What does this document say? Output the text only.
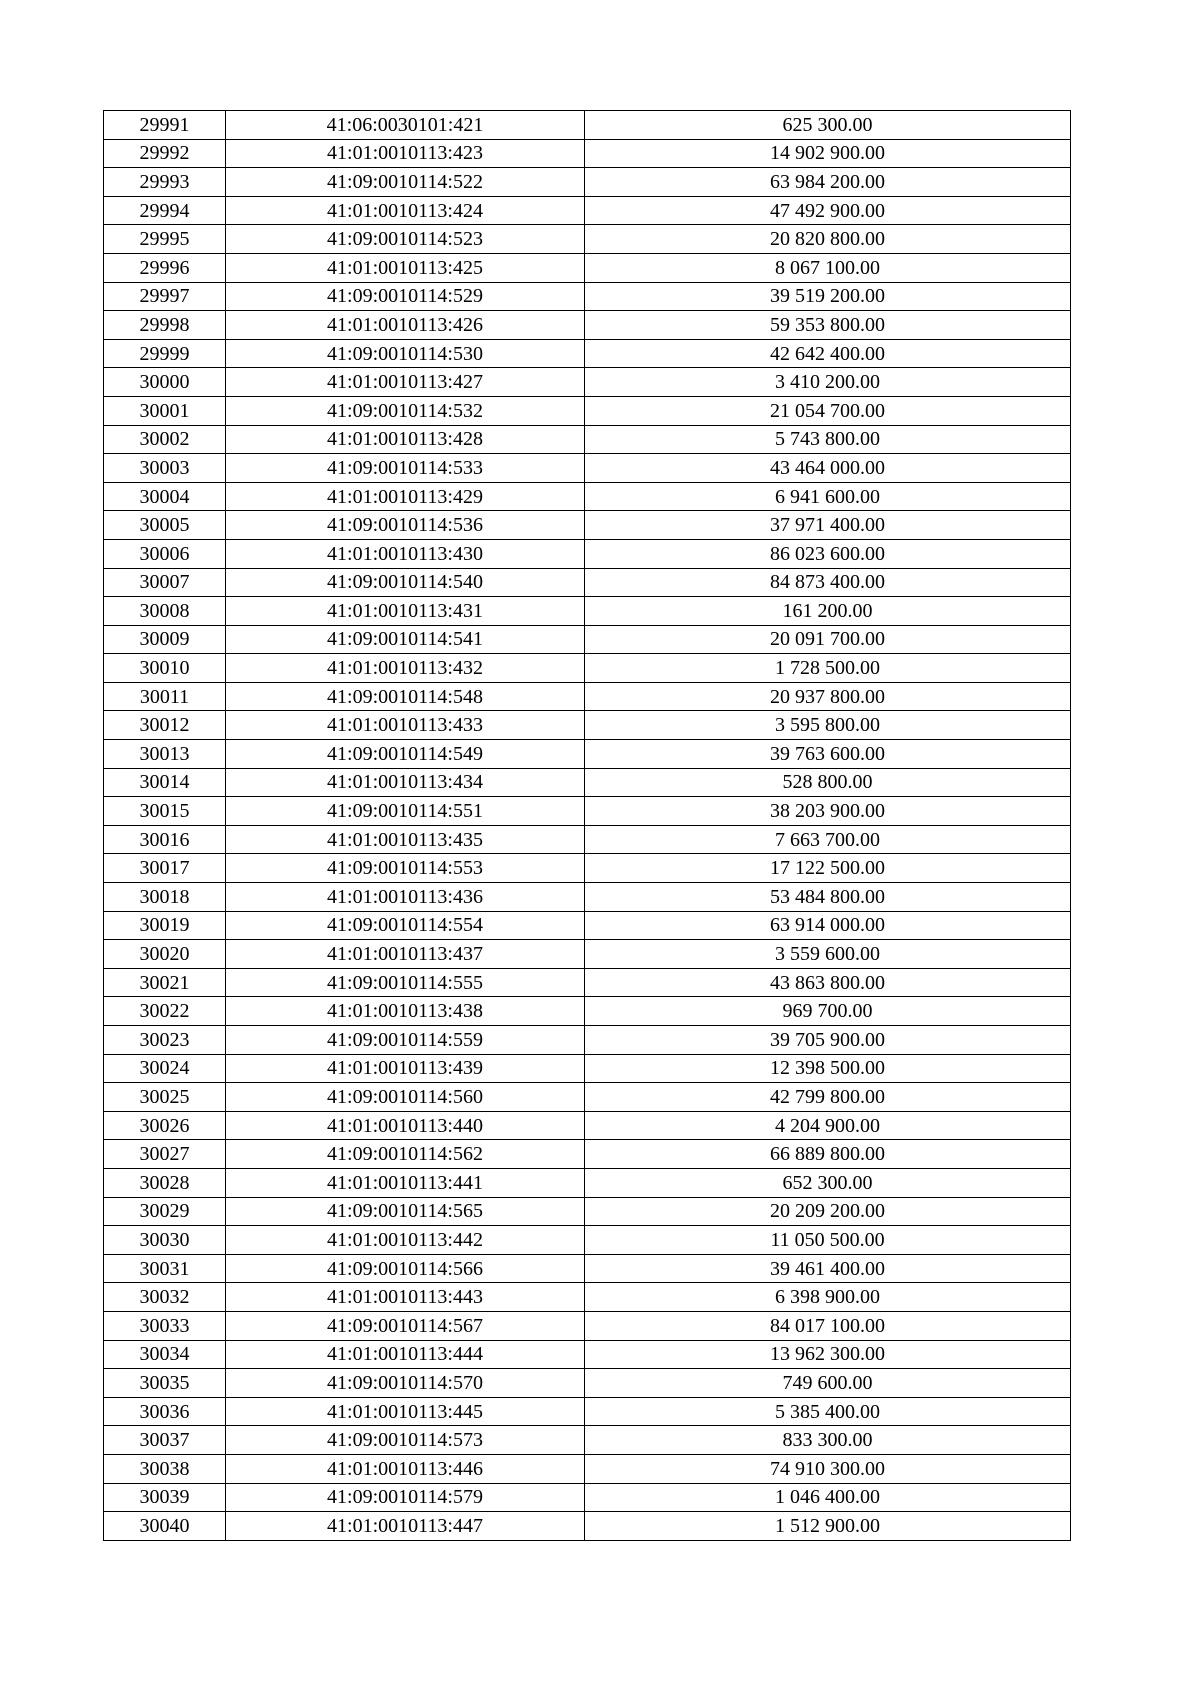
29991	41:06:0030101:421	625 300.00
29992	41:01:0010113:423	14 902 900.00
29993	41:09:0010114:522	63 984 200.00
29994	41:01:0010113:424	47 492 900.00
29995	41:09:0010114:523	20 820 800.00
29996	41:01:0010113:425	8 067 100.00
29997	41:09:0010114:529	39 519 200.00
29998	41:01:0010113:426	59 353 800.00
29999	41:09:0010114:530	42 642 400.00
30000	41:01:0010113:427	3 410 200.00
30001	41:09:0010114:532	21 054 700.00
30002	41:01:0010113:428	5 743 800.00
30003	41:09:0010114:533	43 464 000.00
30004	41:01:0010113:429	6 941 600.00
30005	41:09:0010114:536	37 971 400.00
30006	41:01:0010113:430	86 023 600.00
30007	41:09:0010114:540	84 873 400.00
30008	41:01:0010113:431	161 200.00
30009	41:09:0010114:541	20 091 700.00
30010	41:01:0010113:432	1 728 500.00
30011	41:09:0010114:548	20 937 800.00
30012	41:01:0010113:433	3 595 800.00
30013	41:09:0010114:549	39 763 600.00
30014	41:01:0010113:434	528 800.00
30015	41:09:0010114:551	38 203 900.00
30016	41:01:0010113:435	7 663 700.00
30017	41:09:0010114:553	17 122 500.00
30018	41:01:0010113:436	53 484 800.00
30019	41:09:0010114:554	63 914 000.00
30020	41:01:0010113:437	3 559 600.00
30021	41:09:0010114:555	43 863 800.00
30022	41:01:0010113:438	969 700.00
30023	41:09:0010114:559	39 705 900.00
30024	41:01:0010113:439	12 398 500.00
30025	41:09:0010114:560	42 799 800.00
30026	41:01:0010113:440	4 204 900.00
30027	41:09:0010114:562	66 889 800.00
30028	41:01:0010113:441	652 300.00
30029	41:09:0010114:565	20 209 200.00
30030	41:01:0010113:442	11 050 500.00
30031	41:09:0010114:566	39 461 400.00
30032	41:01:0010113:443	6 398 900.00
30033	41:09:0010114:567	84 017 100.00
30034	41:01:0010113:444	13 962 300.00
30035	41:09:0010114:570	749 600.00
30036	41:01:0010113:445	5 385 400.00
30037	41:09:0010114:573	833 300.00
30038	41:01:0010113:446	74 910 300.00
30039	41:09:0010114:579	1 046 400.00
30040	41:01:0010113:447	1 512 900.00
